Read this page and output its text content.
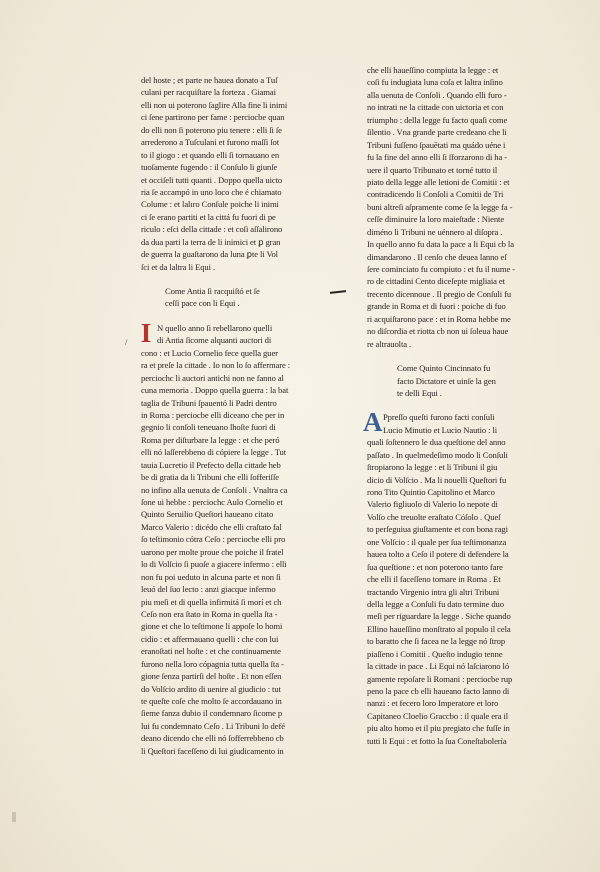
/
del hoste ; et parte ne hauea donato a Tuſ
culani per racquiſtare la forteza . Giamai
elli non ui poterono ſaglire Alla fine li inimi
ci ſene partirono per fame : perciocbe quan
do elli non ſi poterono piu tenere : elli ſi ſe
arrederono a Tuſculani et furono maſſi ſot
to il giogo : et quando elli ſi tornauano en
tuoſamente fugendo : il Conſulo li giunſe
et occiſeli tutti quanti . Doppo quella uicto
ria ſe accampó in uno loco che é chiamato
Colume : et lalıro Conſule poiche li inimi
ci ſe erano partiti et la cittá fu fuori di pe
riculo : eſci della cittade : et coſi aſſalirono
da dua parti la terra de li inimici et ꝑ gran
de guerra la guaſtarono da luna ꝑte li Vol
ſci et da laltra li Equi .
Come Antia ſi racquiſtó et ſe
ceſſi pace con li Equi .
I N quello anno ſi rebellarono quelli
di Antia ſicome alquanti auctori di
cono : et Lucio Cornelio fece quella guer
ra et preſe la cittade . Io non lo ſo affermare :
perciochc li auctori antichi non ne fanno al
cuna memoria . Doppo quella guerra : la bat
taglia de Tribuni ſpauentó li Padri dentro
in Roma : perciocbe elli diceano che per in
gegnio li conſoli teneuano lhoſte fuori di
Roma per diſturbare la legge : et che peró
elli nó laſſerebbeno di cópiere la legge . Tut
tauia Lucretio il Prefecto della cittade heb
be di gratia da li Tribuni che elli ſofferiſſe
no infino alla uenuta de Conſoli . Vnaltra ca
ſone ui hebbe : perciochc Aulo Cornelio et
Quinto Seruilio Queſtori haueano citato
Marco Valerio : dicédo che elli craſtato fal
ſo teſtimonio cótra Ceſo : perciocbe elli pro
uarono per molte proue che poiche il fratel
lo di Volſcio ſi puoſe a giacere infermo : elli
non fu poi ueduto in alcuna parte et non ſi
leuó del ſuo lecto : anzi giacque infermo
piu meſi et di quella infirmitá ſi morí et ch
Ceſo non era ſtato in Roma in quella ſta -
gione et che lo teſtimone li appoſe lo homi
cidio : et affermauano quelli : che con lui
eranoſtati nel hoſte : et che continuamente
furono nella loro cópagnia tutta quella ſta -
gione ſenza partirſi del hoſte . Et non eſſen
do Volſcio ardito di uenire al giudicio : tut
te queſte coſe che molto ſe accordauano in
ſieme fanza dubio il condemnaro ſicome p
lui fu condemnato Ceſo . Li Tribuni lo defé
deano dicendo che elli nó ſofferrebbeno cb
li Queſtori faceſſeno di lui giudicamento in
che elli haueſſino compiuta la legge : et
coſi fu indugiata luna coſa et laltra inſino
alla uenuta de Conſoli . Quando elli furo -
no intrati ne la cittade con uictoria et con
triumpho : della legge fu facto quaſi come
ſilentio . Vna grande parte credeano che li
Tribuni fuſſeno ſpauētati ma quádo uéne i
fu la fine del anno elli ſi ſforzarono di ha -
uere il quarto Tribunato et torné tutto il
piato della legge alle letioni de Comitii : et
contradicendo li Conſoli a Comitii de Tri
buni altreſi aſpramente come ſe la legge fa -
ceſſe diminuire la loro maieſtade : Niente
diméno li Tribuni ne uénnero al diſopra .
In quello anno fu data la pace a li Equi cb la
dimandarono . Il cenſo che deuea lanno eſ
ſere cominciato fu compiuto : et fu il nume -
ro de cittadini Cento diceſepte migliaia et
trecento dicennoue . Il pregio de Conſuli fu
grande in Roma et di fuori : poiche di fuo
ri acquiſtarono pace : et in Roma hebbe me
no diſcordia et riotta cb non ui ſoleua haue
re altrauolta .
Come Quinto Cincinnato fu
facto Dictatore et uinſe la gen
te delli Equi .
A Ppreſſo queſti furono facti conſuli
Lucio Minutio et Lucio Nautio : li
quali ſoſtennero le dua queſtione del anno
paſſato . In quelmedeſimo modo li Conſuli
ſtropiarono la legge : et li Tribuni il giu
dicio di Volſcio . Ma li nouelli Queſtori fu
rono Tito Quintio Capitolino et Marco
Valerio figliuolo di Valerio lo nepote di
Volſo che treuolte eraſtato Cóſolo . Queſ
to perſeguiua giuſtamente et con bona ragi
one Volſcio : il quale per ſua teſtimonanza
hauea tolto a Ceſo il potere di defendere la
ſua queſtione : et non poterono tanto fare
che elli il faceſſeno tornare in Roma . Et
tractando Virgenio intra gli altri Tribuni
della legge a Conſuli fu dato termine duo
meſi per riguardare la legge . Siche quando
Ellino haueſſino monſtrato al populo il cela
to baratto che ſi facea ne la legge nó ſtrop
piaſſeno i Comitii . Queſto indugio tenne
la cittade in pace . Li Equi nó laſciarono ló
gamente repoſare li Romani : perciocbe rup
peno la pace cb elli haueano facto lanno di
nanzi : et fecero loro Imperatore et loro
Capitaneo Cloelio Graccbo : il quale era il
piu alto homo et il piu pregiato che fuſſe in
tutti li Equi : et fotto la ſua Coneſtabolería
